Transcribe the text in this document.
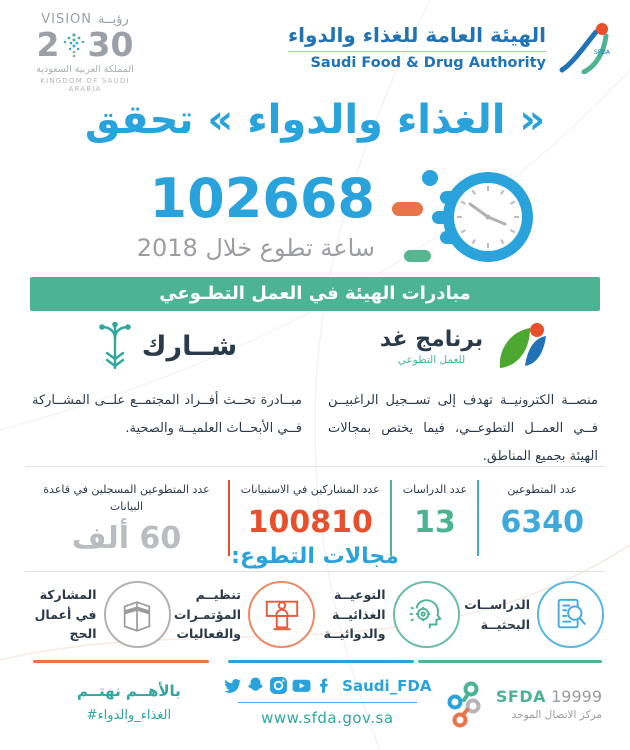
VISION رؤيــة
2 30
المملكة العربية السعودية
KINGDOM OF SAUDI ARABIA
الهيئة العامة للغذاء والدواء
Saudi Food & Drug Authority
SFDA
« الغذاء والدواء » تحقق
102668
ساعة تطوع خلال 2018
مبادرات الهيئة في العمل التطـوعي
برنامج غد
للعمل التطوعي
منصــة الكترونيــة تهدف إلى تســجيل الراغبيــن فــي العمــل التطوعــي، فيما يختص بمجالات الهيئة بجميع المناطق.
شــارك
مبــادرة تحــث أفــراد المجتمــع علــى المشــاركة فــي الأبحــاث العلميــة والصحية.
عدد المتطوعين
6340
عدد الدراسات
13
عدد المشاركين في الاستبيانات
100810
عدد المتطوعين المسجلين في قاعدة البيانات
60 ألف
مجالات التطوع:
الدراســات البحثيــة
التوعيــة الغذائيــة والدوائيــة
تنظيــم المؤتمـرات والفعاليات
المشاركة في أعمال الحج
بالأهــم نهتــم
#الغذاء_والدواء
Saudi_FDA
www.sfda.gov.sa
SFDA 19999
مركز الاتصال الموحد
